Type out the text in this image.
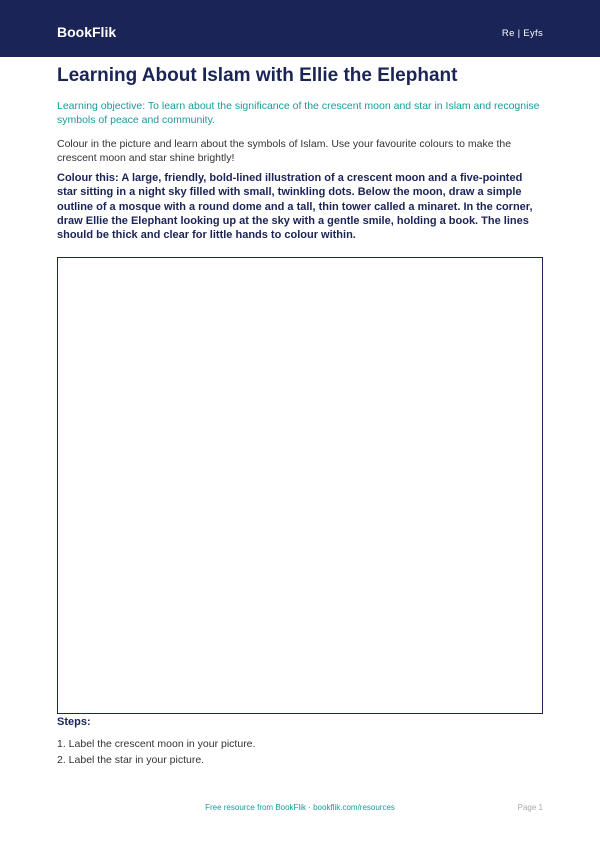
BookFlik	Re | Eyfs
Learning About Islam with Ellie the Elephant

Learning objective: To learn about the significance of the crescent moon and star in Islam and recognise symbols of peace and community.

Colour in the picture and learn about the symbols of Islam. Use your favourite colours to make the crescent moon and star shine brightly!

Colour this: A large, friendly, bold-lined illustration of a crescent moon and a five-pointed star sitting in a night sky filled with small, twinkling dots. Below the moon, draw a simple outline of a mosque with a round dome and a tall, thin tower called a minaret. In the corner, draw Ellie the Elephant looking up at the sky with a gentle smile, holding a book. The lines should be thick and clear for little hands to colour within.

Steps:

1. Label the crescent moon in your picture.

2. Label the star in your picture.

Free resource from BookFlik · bookflik.com/resources	Page 1
